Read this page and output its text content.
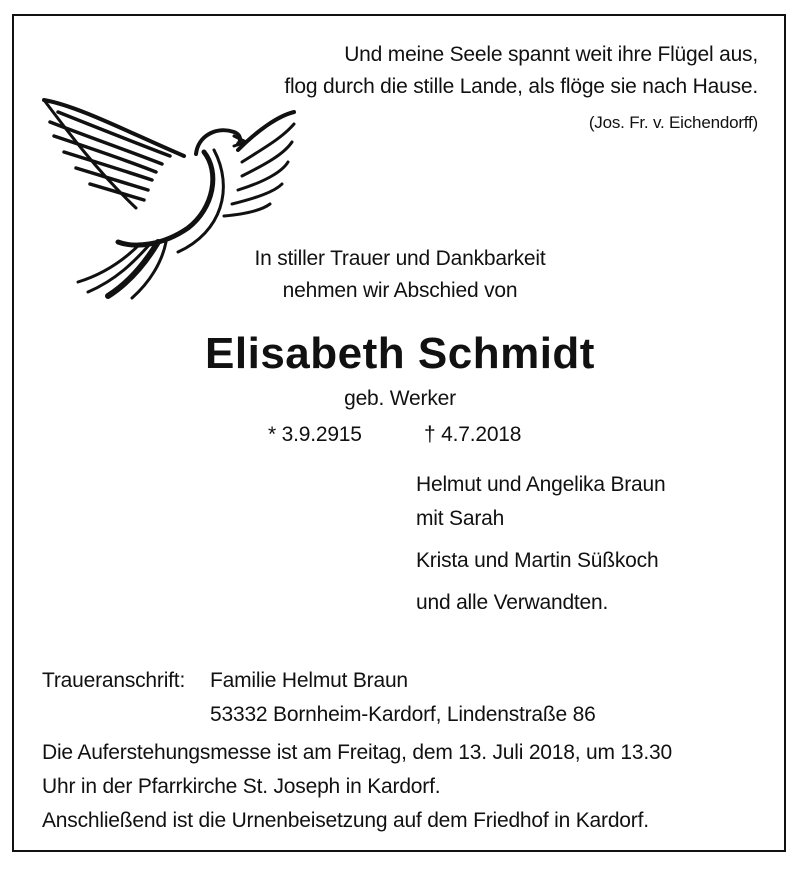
Und meine Seele spannt weit ihre Flügel aus,
flog durch die stille Lande, als flöge sie nach Hause.
(Jos. Fr. v. Eichendorff)
In stiller Trauer und Dankbarkeit
nehmen wir Abschied von
Elisabeth Schmidt
geb. Werker
* 3.9.2915	† 4.7.2018
Helmut und Angelika Braun
mit Sarah
Krista und Martin Süßkoch
und alle Verwandten.
Traueranschrift: Familie Helmut Braun
53332 Bornheim-Kardorf, Lindenstraße 86
Die Auferstehungsmesse ist am Freitag, dem 13. Juli 2018, um 13.30
Uhr in der Pfarrkirche St. Joseph in Kardorf.
Anschließend ist die Urnenbeisetzung auf dem Friedhof in Kardorf.
